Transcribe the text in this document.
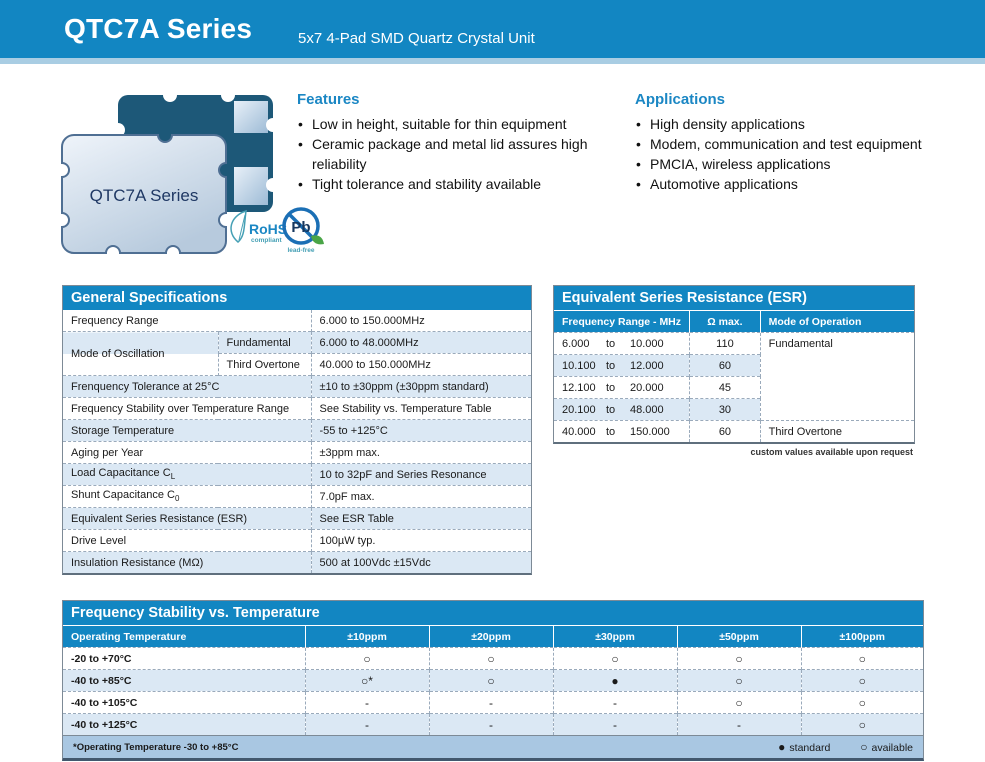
QTC7A Series	5x7 4-Pad SMD Quartz Crystal Unit
QTC7A Series
RoHS
compliant
Pb
lead-free
Features
• Low in height, suitable for thin equipment
• Ceramic package and metal lid assures high reliability
• Tight tolerance and stability available
Applications
• High density applications
• Modem, communication and test equipment
• PMCIA, wireless applications
• Automotive applications
General Specifications
Frequency Range		6.000 to 150.000MHz
Mode of Oscillation	Fundamental	6.000 to 48.000MHz
	Third Overtone	40.000 to 150.000MHz
Frenquency Tolerance at 25°C		±10 to ±30ppm (±30ppm standard)
Frequency Stability over Temperature Range		See Stability vs. Temperature Table
Storage Temperature		-55 to +125°C
Aging per Year		±3ppm max.
Load Capacitance $C_L$		10 to 32pF and Series Resonance
Shunt Capacitance $C_0$		7.0pF max.
Equivalent Series Resistance (ESR)		See ESR Table
Drive Level		100µW typ.
Insulation Resistance (MΩ)		500 at 100Vdc ±15Vdc
Equivalent Series Resistance (ESR)
Frequency Range - MHz	Ω max.	Mode of Operation
6.000 to 10.000	110	Fundamental
10.100 to 12.000	60	
12.100 to 20.000	45	
20.100 to 48.000	30	
40.000 to 150.000	60	Third Overtone
custom values available upon request
Frequency Stability vs. Temperature
Operating Temperature	±10ppm	±20ppm	±30ppm	±50ppm	±100ppm
-20 to +70°C	○	○	○	○	○
-40 to +85°C	○*	○	●	○	○
-40 to +105°C	-	-	-	○	○
-40 to +125°C	-	-	-	-	○
*Operating Temperature -30 to +85°C	● standard	○ available
